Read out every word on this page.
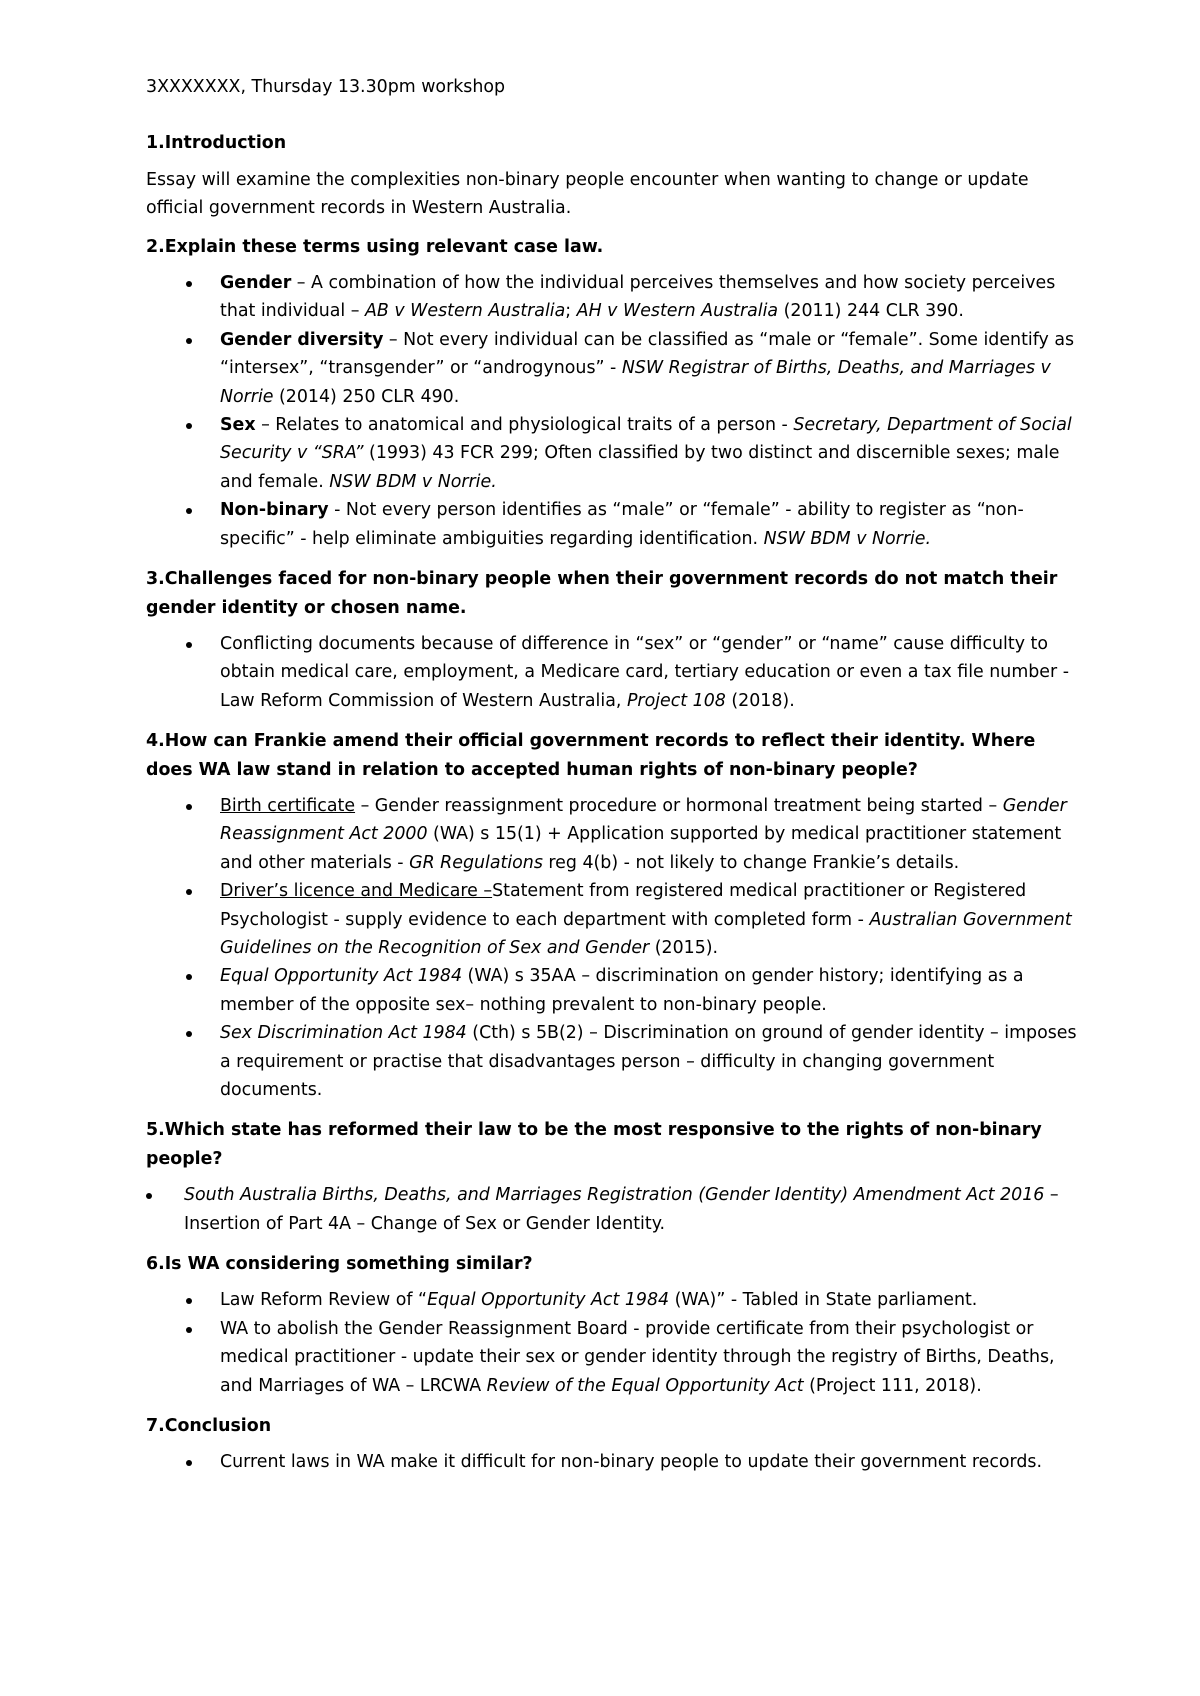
3XXXXXXX, Thursday 13.30pm workshop
1.Introduction

Essay will examine the complexities non-binary people encounter when wanting to change or update official government records in Western Australia.

2.Explain these terms using relevant case law.
Gender – A combination of how the individual perceives themselves and how society perceives that individual – AB v Western Australia; AH v Western Australia (2011) 244 CLR 390.
Gender diversity – Not every individual can be classified as “male or “female”. Some identify as “intersex”, “transgender” or “androgynous” - NSW Registrar of Births, Deaths, and Marriages v Norrie (2014) 250 CLR 490.
Sex – Relates to anatomical and physiological traits of a person - Secretary, Department of Social Security v “SRA” (1993) 43 FCR 299; Often classified by two distinct and discernible sexes; male and female. NSW BDM v Norrie.
Non-binary - Not every person identifies as “male” or “female” - ability to register as “non-specific” - help eliminate ambiguities regarding identification. NSW BDM v Norrie.
3.Challenges faced for non-binary people when their government records do not match their gender identity or chosen name.
Conflicting documents because of difference in “sex” or “gender” or “name” cause difficulty to obtain medical care, employment, a Medicare card, tertiary education or even a tax file number - Law Reform Commission of Western Australia, Project 108 (2018).
4.How can Frankie amend their official government records to reflect their identity. Where does WA law stand in relation to accepted human rights of non-binary people?
Birth certificate – Gender reassignment procedure or hormonal treatment being started – Gender Reassignment Act 2000 (WA) s 15(1) + Application supported by medical practitioner statement and other materials - GR Regulations reg 4(b) - not likely to change Frankie’s details.
Driver’s licence and Medicare –Statement from registered medical practitioner or Registered Psychologist - supply evidence to each department with completed form - Australian Government Guidelines on the Recognition of Sex and Gender (2015).
Equal Opportunity Act 1984 (WA) s 35AA – discrimination on gender history; identifying as a member of the opposite sex– nothing prevalent to non-binary people.
Sex Discrimination Act 1984 (Cth) s 5B(2) – Discrimination on ground of gender identity – imposes a requirement or practise that disadvantages person – difficulty in changing government documents.
5.Which state has reformed their law to be the most responsive to the rights of non-binary people?
South Australia Births, Deaths, and Marriages Registration (Gender Identity) Amendment Act 2016 – Insertion of Part 4A – Change of Sex or Gender Identity.
6.Is WA considering something similar?
Law Reform Review of “Equal Opportunity Act 1984 (WA)” - Tabled in State parliament.
WA to abolish the Gender Reassignment Board - provide certificate from their psychologist or medical practitioner - update their sex or gender identity through the registry of Births, Deaths, and Marriages of WA – LRCWA Review of the Equal Opportunity Act (Project 111, 2018).
7.Conclusion
Current laws in WA make it difficult for non-binary people to update their government records.
